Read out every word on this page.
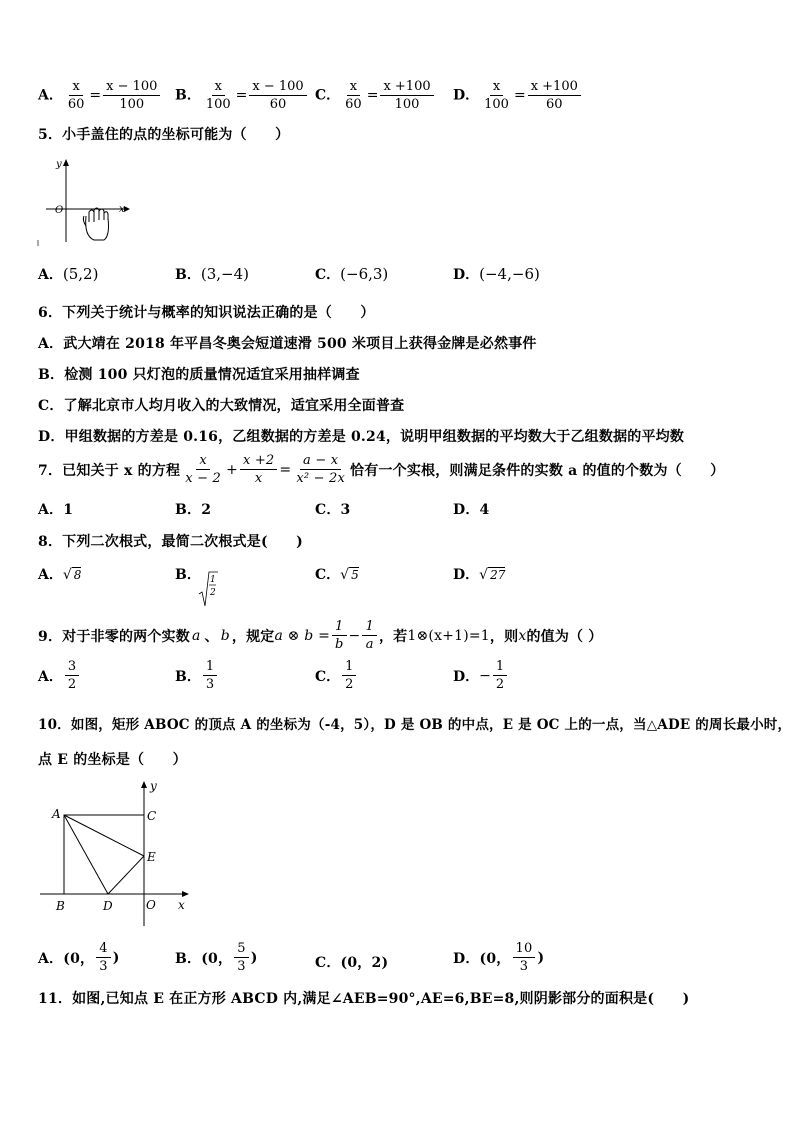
A． $\frac{x}{60} = \frac{x - 100}{100}$ B． $\frac{x}{100} = \frac{x - 100}{60}$ C． $\frac{x}{60} = \frac{x +100}{100}$ D． $\frac{x}{100} = \frac{x +100}{60}$
5．小手盖住的点的坐标可能为（　　）
y
x
O
A．(5,2)	B．(3,−4)	C．(−6,3)	D．(−4,−6)
6．下列关于统计与概率的知识说法正确的是（　　）
A．武大靖在 2018 年平昌冬奥会短道速滑 500 米项目上获得金牌是必然事件
B．检测 100 只灯泡的质量情况适宜采用抽样调查
C．了解北京市人均月收入的大致情况，适宜采用全面普查
D．甲组数据的方差是 0.16，乙组数据的方差是 0.24，说明甲组数据的平均数大于乙组数据的平均数
7．已知关于 x 的方程 $\frac{x}{x - 2} + \frac{x +2}{x} = \frac{a - x}{\text{x² − 2x}}$ 恰有一个实根，则满足条件的实数 a 的值的个数为（　　）
A．1	B．2	C．3	D．4
8．下列二次根式，最简二次根式是(　　)
A．√ 8	B． 1
2
C．√ 5	D．√ 27
9．对于非零的两个实数 a 、 b ，规定 a ⊗ $b = \frac{1}{b} - \frac{1}{a}$ ，若 1⊗(x+1)=1 ，则 x 的值为（ ）
A． $\frac{3}{2}$	B． $\frac{1}{3}$	C． $\frac{1}{2}$	D． − $\frac{1}{2}$
10．如图，矩形 ABOC 的顶点 A 的坐标为（-4，5），D 是 OB 的中点，E 是 OC 上的一点，当△ADE 的周长最小时，
点 E 的坐标是（　　）
A	C
E
B	D	O x
y
A． (0， $\frac{4}{3}$ )	B． (0， $\frac{5}{3}$ )	C．(0，2)	D． (0， $\frac{10}{3}$ )
11．如图,已知点 E 在正方形 ABCD 内,满足∠AEB=90°,AE=6,BE=8,则阴影部分的面积是(　　)
